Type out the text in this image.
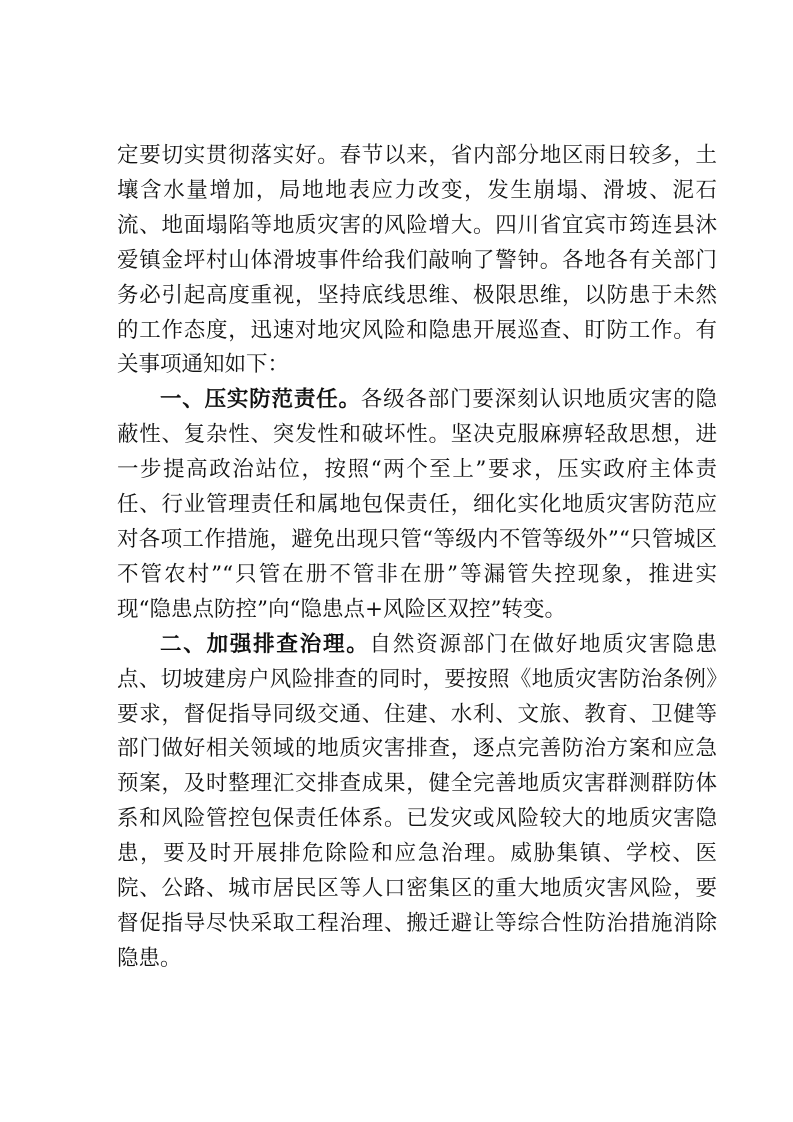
定要切实贯彻落实好。春节以来，省内部分地区雨日较多，土壤含水量增加，局地地表应力改变，发生崩塌、滑坡、泥石流、地面塌陷等地质灾害的风险增大。四川省宜宾市筠连县沐爱镇金坪村山体滑坡事件给我们敲响了警钟。各地各有关部门务必引起高度重视，坚持底线思维、极限思维，以防患于未然的工作态度，迅速对地灾风险和隐患开展巡查、盯防工作。有关事项通知如下：

一、压实防范责任。各级各部门要深刻认识地质灾害的隐蔽性、复杂性、突发性和破坏性。坚决克服麻痹轻敌思想，进一步提高政治站位，按照“两个至上”要求，压实政府主体责任、行业管理责任和属地包保责任，细化实化地质灾害防范应对各项工作措施，避免出现只管“等级内不管等级外”“只管城区不管农村”“只管在册不管非在册”等漏管失控现象，推进实现“隐患点防控”向“隐患点+风险区双控”转变。

二、加强排查治理。自然资源部门在做好地质灾害隐患点、切坡建房户风险排查的同时，要按照《地质灾害防治条例》要求，督促指导同级交通、住建、水利、文旅、教育、卫健等部门做好相关领域的地质灾害排查，逐点完善防治方案和应急预案，及时整理汇交排查成果，健全完善地质灾害群测群防体系和风险管控包保责任体系。已发灾或风险较大的地质灾害隐患，要及时开展排危除险和应急治理。威胁集镇、学校、医院、公路、城市居民区等人口密集区的重大地质灾害风险，要督促指导尽快采取工程治理、搬迁避让等综合性防治措施消除隐患。
